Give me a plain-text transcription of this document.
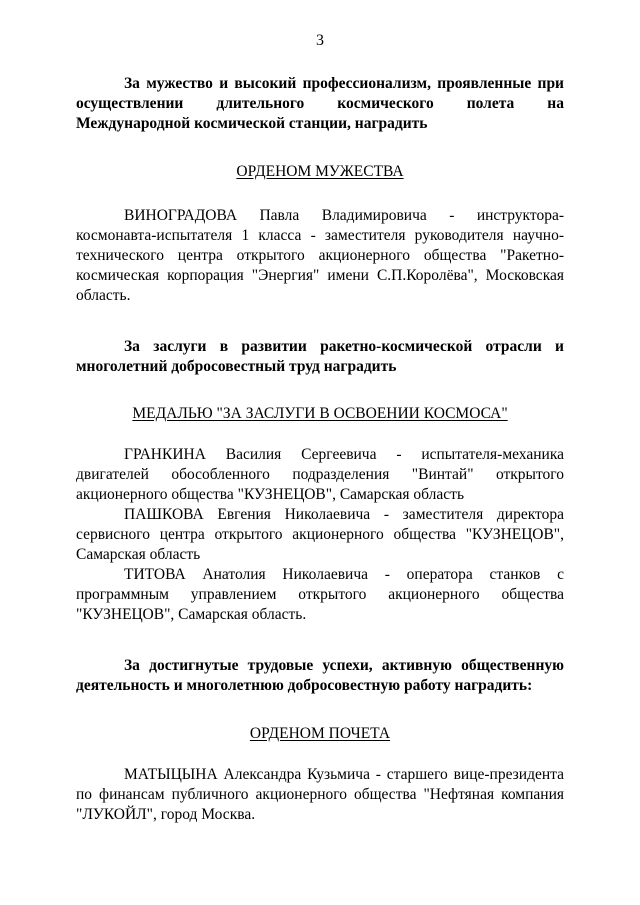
3

За мужество и высокий профессионализм, проявленные при осуществлении длительного космического полета на Международной космической станции, наградить

ОРДЕНОМ МУЖЕСТВА

ВИНОГРАДОВА Павла Владимировича - инструктора-космонавта-испытателя 1 класса - заместителя руководителя научно-технического центра открытого акционерного общества "Ракетно-космическая корпорация "Энергия" имени С.П.Королёва", Московская область.

За заслуги в развитии ракетно-космической отрасли и многолетний добросовестный труд наградить

МЕДАЛЬЮ "ЗА ЗАСЛУГИ В ОСВОЕНИИ КОСМОСА"

ГРАНКИНА Василия Сергеевича - испытателя-механика двигателей обособленного подразделения "Винтай" открытого акционерного общества "КУЗНЕЦОВ", Самарская область

ПАШКОВА Евгения Николаевича - заместителя директора сервисного центра открытого акционерного общества "КУЗНЕЦОВ", Самарская область

ТИТОВА Анатолия Николаевича - оператора станков с программным управлением открытого акционерного общества "КУЗНЕЦОВ", Самарская область.

За достигнутые трудовые успехи, активную общественную деятельность и многолетнюю добросовестную работу наградить:

ОРДЕНОМ ПОЧЕТА

МАТЫЦЫНА Александра Кузьмича - старшего вице-президента по финансам публичного акционерного общества "Нефтяная компания "ЛУКОЙЛ", город Москва.
